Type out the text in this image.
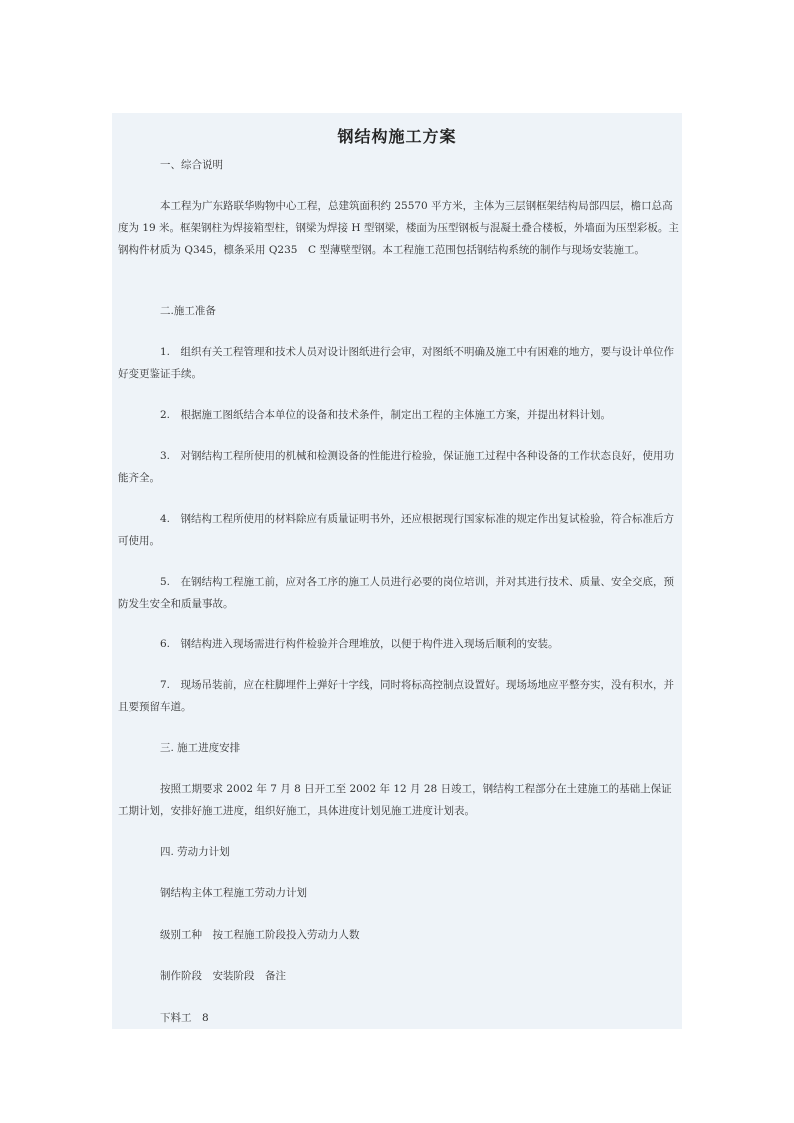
钢结构施工方案

一、综合说明

本工程为广东路联华购物中心工程，总建筑面积约 25570 平方米，主体为三层钢框架结构局部四层，檐口总高度为 19 米。框架钢柱为焊接箱型柱，钢梁为焊接 H 型钢梁，楼面为压型钢板与混凝土叠合楼板，外墙面为压型彩板。主钢构件材质为 Q345，檩条采用 Q235　C 型薄壁型钢。本工程施工范围包括钢结构系统的制作与现场安装施工。

二.施工准备

1.　组织有关工程管理和技术人员对设计图纸进行会审，对图纸不明确及施工中有困难的地方，要与设计单位作好变更鉴证手续。

2.　根据施工图纸结合本单位的设备和技术条件，制定出工程的主体施工方案，并提出材料计划。

3.　对钢结构工程所使用的机械和检测设备的性能进行检验，保证施工过程中各种设备的工作状态良好，使用功能齐全。

4.　钢结构工程所使用的材料除应有质量证明书外，还应根据现行国家标准的规定作出复试检验，符合标准后方可使用。

5.　在钢结构工程施工前，应对各工序的施工人员进行必要的岗位培训，并对其进行技术、质量、安全交底，预防发生安全和质量事故。

6.　钢结构进入现场需进行构件检验并合理堆放，以便于构件进入现场后顺利的安装。

7.　现场吊装前，应在柱脚埋件上弹好十字线，同时将标高控制点设置好。现场场地应平整夯实，没有积水，并且要预留车道。

三. 施工进度安排

按照工期要求 2002 年 7 月 8 日开工至 2002 年 12 月 28 日竣工，钢结构工程部分在土建施工的基础上保证工期计划，安排好施工进度，组织好施工，具体进度计划见施工进度计划表。

四. 劳动力计划

钢结构主体工程施工劳动力计划

级别工种　按工程施工阶段投入劳动力人数

制作阶段　安装阶段　备注

下料工　8
